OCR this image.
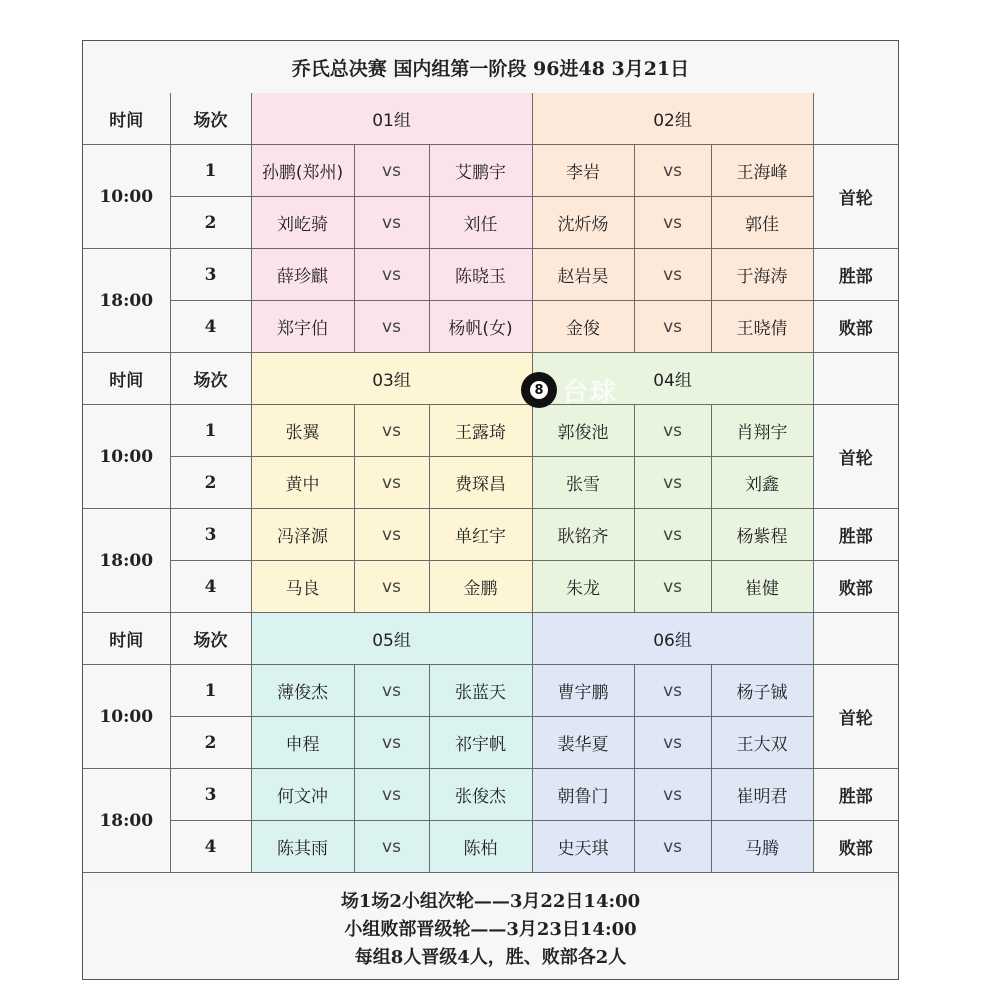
乔氏总决赛 国内组第一阶段 96进48 3月21日
时间	场次	01组			02组			
10:00	1	孙鹏(郑州)	vs	艾鹏宇	李岩	vs	王海峰	首轮
	2	刘屹骑	vs	刘任	沈炘炀	vs	郭佳	
18:00	3	薛珍麒	vs	陈晓玉	赵岩昊	vs	于海涛	胜部
	4	郑宇伯	vs	杨帆(女)	金俊	vs	王晓倩	败部
时间	场次	03组			04组			
10:00	1	张翼	vs	王露琦	郭俊池	vs	肖翔宇	首轮
	2	黄中	vs	费琛昌	张雪	vs	刘鑫	
18:00	3	冯泽源	vs	单红宇	耿铭齐	vs	杨紫程	胜部
	4	马良	vs	金鹏	朱龙	vs	崔健	败部
时间	场次	05组			06组			
10:00	1	薄俊杰	vs	张蓝天	曹宇鹏	vs	杨子铖	首轮
	2	申程	vs	祁宇帆	裴华夏	vs	王大双	
18:00	3	何文冲	vs	张俊杰	朝鲁门	vs	崔明君	胜部
	4	陈其雨	vs	陈柏	史天琪	vs	马腾	败部
场1场2小组次轮——3月22日14:00
小组败部晋级轮——3月23日14:00
每组8人晋级4人，胜、败部各2人
8 台球
